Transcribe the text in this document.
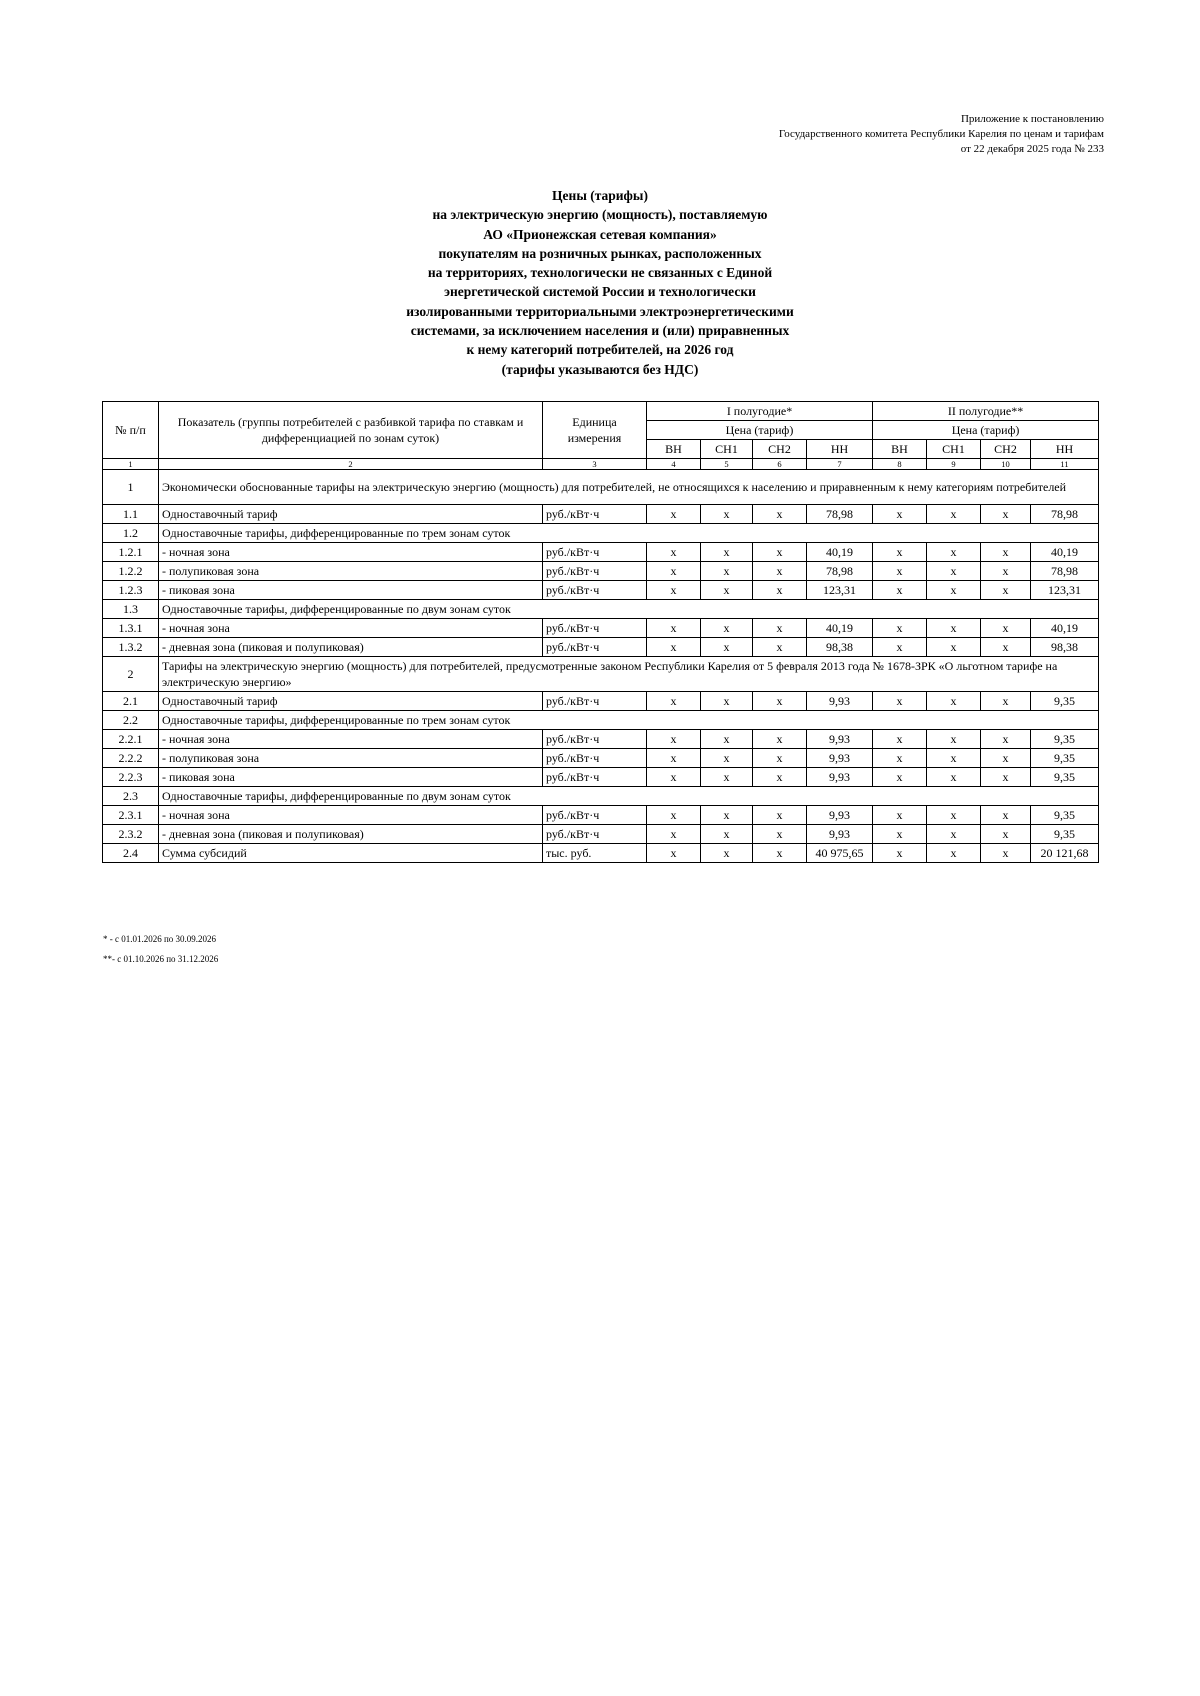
Приложение к постановлению
Государственного комитета Республики Карелия по ценам и тарифам
от 22 декабря 2025 года № 233
Цены (тарифы)
на электрическую энергию (мощность), поставляемую
АО «Прионежская сетевая компания»
покупателям на розничных рынках, расположенных
на территориях, технологически не связанных с Единой
энергетической системой России и технологически
изолированными территориальными электроэнергетическими
системами, за исключением населения и (или) приравненных
к нему категорий потребителей, на 2026 год
(тарифы указываются без НДС)
№ п/п	Показатель (группы потребителей с разбивкой тарифа по ставкам и дифференциацией по зонам суток)	Единица измерения	I полугодие*				II полугодие**			
			Цена (тариф)				Цена (тариф)			
			ВН	СН1	СН2	НН	ВН	СН1	СН2	НН
1	2	3	4	5	6	7	8	9	10	11
1	Экономически обоснованные тарифы на электрическую энергию (мощность) для потребителей, не относящихся к населению и приравненным к нему категориям потребителей									
1.1	Одноставочный тариф	руб./кВт·ч	х	х	х	78,98	х	х	х	78,98
1.2	Одноставочные тарифы, дифференцированные по трем зонам суток									
1.2.1	- ночная зона	руб./кВт·ч	х	х	х	40,19	х	х	х	40,19
1.2.2	- полупиковая зона	руб./кВт·ч	х	х	х	78,98	х	х	х	78,98
1.2.3	- пиковая зона	руб./кВт·ч	х	х	х	123,31	х	х	х	123,31
1.3	Одноставочные тарифы, дифференцированные по двум зонам суток									
1.3.1	- ночная зона	руб./кВт·ч	х	х	х	40,19	х	х	х	40,19
1.3.2	- дневная зона (пиковая и полупиковая)	руб./кВт·ч	х	х	х	98,38	х	х	х	98,38
2	Тарифы на электрическую энергию (мощность) для потребителей, предусмотренные законом Республики Карелия от 5 февраля 2013 года № 1678-ЗРК «О льготном тарифе на электрическую энергию»									
2.1	Одноставочный тариф	руб./кВт·ч	х	х	х	9,93	х	х	х	9,35
2.2	Одноставочные тарифы, дифференцированные по трем зонам суток									
2.2.1	- ночная зона	руб./кВт·ч	х	х	х	9,93	х	х	х	9,35
2.2.2	- полупиковая зона	руб./кВт·ч	х	х	х	9,93	х	х	х	9,35
2.2.3	- пиковая зона	руб./кВт·ч	х	х	х	9,93	х	х	х	9,35
2.3	Одноставочные тарифы, дифференцированные по двум зонам суток									
2.3.1	- ночная зона	руб./кВт·ч	х	х	х	9,93	х	х	х	9,35
2.3.2	- дневная зона (пиковая и полупиковая)	руб./кВт·ч	х	х	х	9,93	х	х	х	9,35
2.4	Сумма субсидий	тыс. руб.	х	х	х	40 975,65	х	х	х	20 121,68
* - с 01.01.2026 по 30.09.2026
**- с 01.10.2026 по 31.12.2026
